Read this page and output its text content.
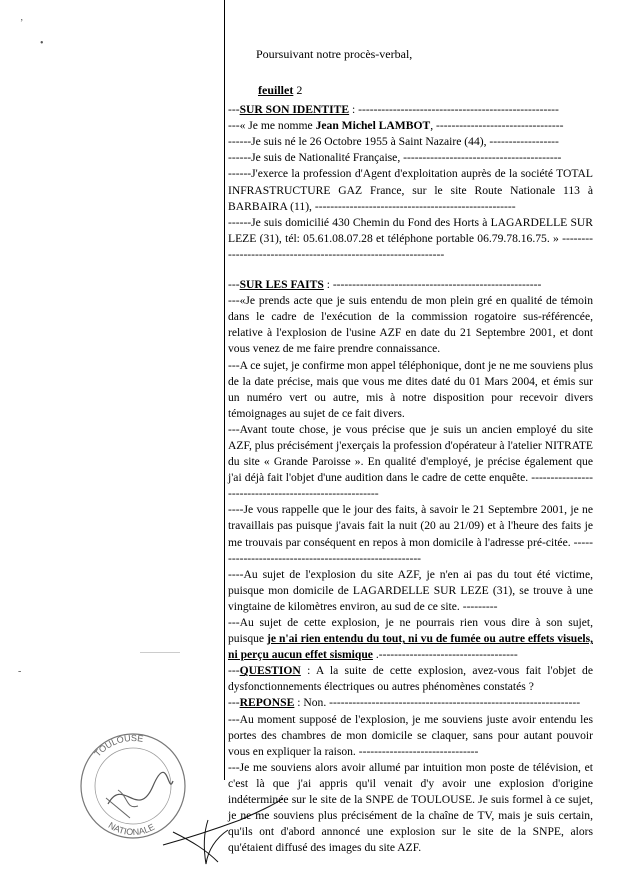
’
•
-
Poursuivant notre procès-verbal,
feuillet 2

---SUR SON IDENTITE : ----------------------------------------------------

---« Je me nomme Jean Michel LAMBOT, ---------------------------------

------Je suis né le 26 Octobre 1955 à Saint Nazaire (44), ------------------

------Je suis de Nationalité Française, -----------------------------------------

------J'exerce la profession d'Agent d'exploitation auprès de la société TOTAL INFRASTRUCTURE GAZ France, sur le site Route Nationale 113 à BARBAIRA (11), ----------------------------------------------------

------Je suis domicilié 430 Chemin du Fond des Horts à LAGARDELLE SUR LEZE (31), tél: 05.61.08.07.28 et téléphone portable 06.79.78.16.75. » ----------------------------------------------------------------

---SUR LES FAITS : ------------------------------------------------------

---«Je prends acte que je suis entendu de mon plein gré en qualité de témoin dans le cadre de l'exécution de la commission rogatoire sus-référencée, relative à l'explosion de l'usine AZF en date du 21 Septembre 2001, et dont vous venez de me faire prendre connaissance.

---A ce sujet, je confirme mon appel téléphonique, dont je ne me souviens plus de la date précise, mais que vous me dites daté du 01 Mars 2004, et émis sur un numéro vert ou autre, mis à notre disposition pour recevoir divers témoignages au sujet de ce fait divers.

---Avant toute chose, je vous précise que je suis un ancien employé du site AZF, plus précisément j'exerçais la profession d'opérateur à l'atelier NITRATE du site « Grande Paroisse ». En qualité d'employé, je précise également que j'ai déjà fait l'objet d'une audition dans le cadre de cette enquête. -------------------------------------------------------

----Je vous rappelle que le jour des faits, à savoir le 21 Septembre 2001, je ne travaillais pas puisque j'avais fait la nuit (20 au 21/09) et à l'heure des faits je me trouvais par conséquent en repos à mon domicile à l'adresse pré-citée. -------------------------------------------------------

----Au sujet de l'explosion du site AZF, je n'en ai pas du tout été victime, puisque mon domicile de LAGARDELLE SUR LEZE (31), se trouve à une vingtaine de kilomètres environ, au sud de ce site. ---------

---Au sujet de cette explosion, je ne pourrais rien vous dire à son sujet, puisque je n'ai rien entendu du tout, ni vu de fumée ou autre effets visuels, ni perçu aucun effet sismique .------------------------------------

---QUESTION : A la suite de cette explosion, avez-vous fait l'objet de dysfonctionnements électriques ou autres phénomènes constatés ?

---REPONSE : Non. -----------------------------------------------------------------

---Au moment supposé de l'explosion, je me souviens juste avoir entendu les portes des chambres de mon domicile se claquer, sans pour autant pouvoir vous en expliquer la raison. -------------------------------

---Je me souviens alors avoir allumé par intuition mon poste de télévision, et c'est là que j'ai appris qu'il venait d'y avoir une explosion d'origine indéterminée sur le site de la SNPE de TOULOUSE. Je suis formel à ce sujet, je ne me souviens plus précisément de la chaîne de TV, mais je suis certain, qu'ils ont d'abord annoncé une explosion sur le site de la SNPE, alors qu'étaient diffusé des images du site AZF.

TOULOUSE
NATIONALE
